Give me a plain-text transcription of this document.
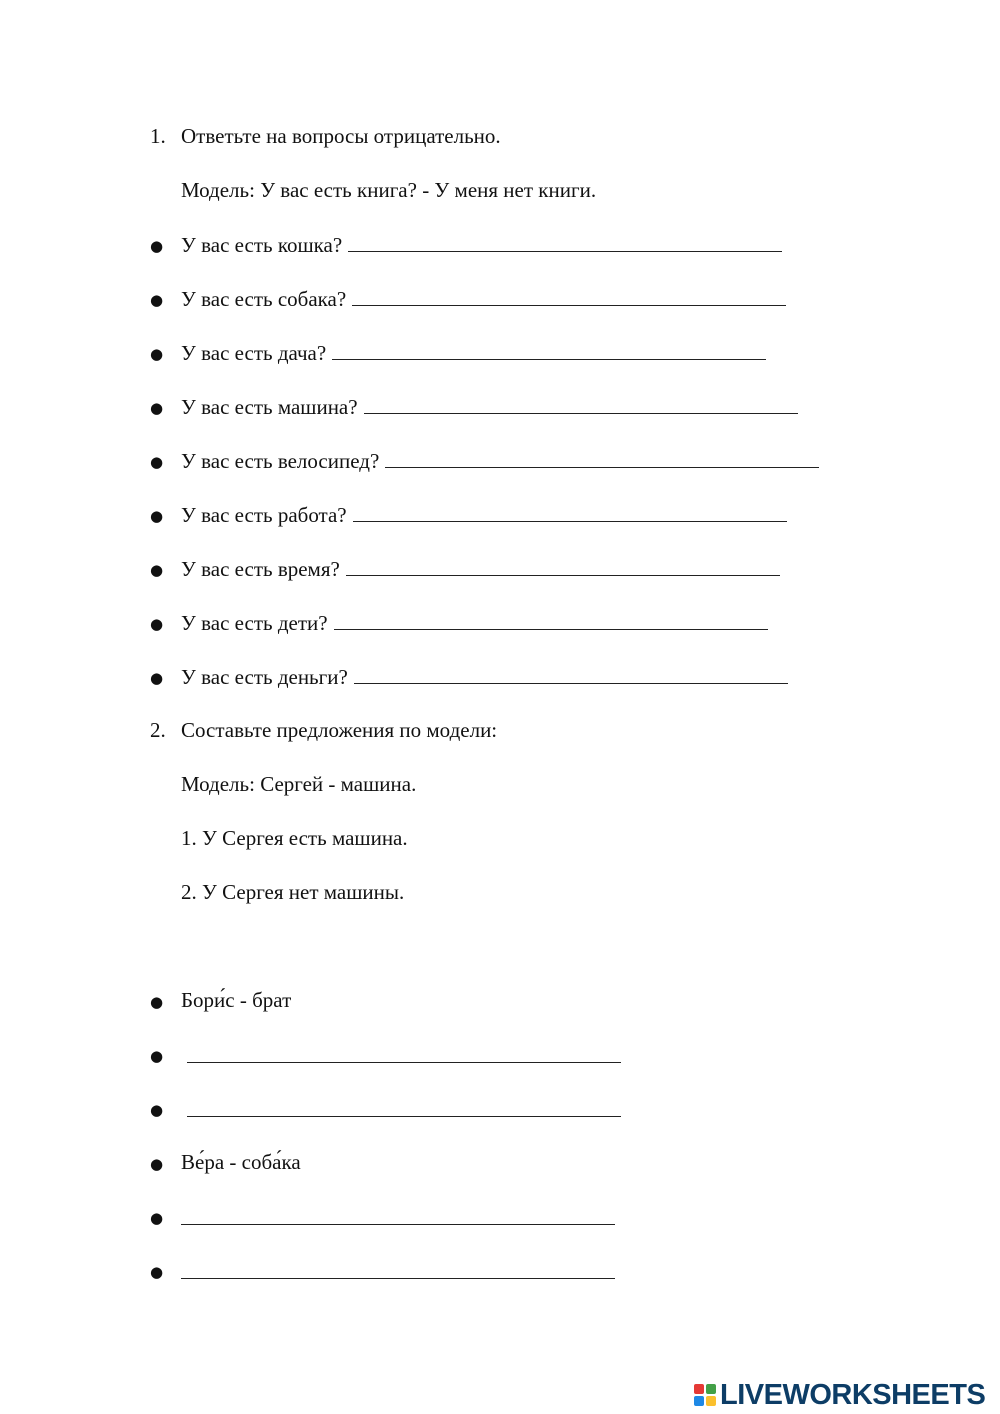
1. Ответьте на вопросы отрицательно.
Модель: У вас есть книга? - У меня нет книги.
● У вас есть кошка?
● У вас есть собака?
● У вас есть дача?
● У вас есть машина?
● У вас есть велосипед?
● У вас есть работа?
● У вас есть время?
● У вас есть дети?
● У вас есть деньги?
2. Составьте предложения по модели:
Модель: Сергей - машина.
1. У Сергея есть машина.
2. У Сергея нет машины.
● Бори́с - брат
●
●
● Ве́ра - соба́ка
●
●
LIVEWORKSHEETS
